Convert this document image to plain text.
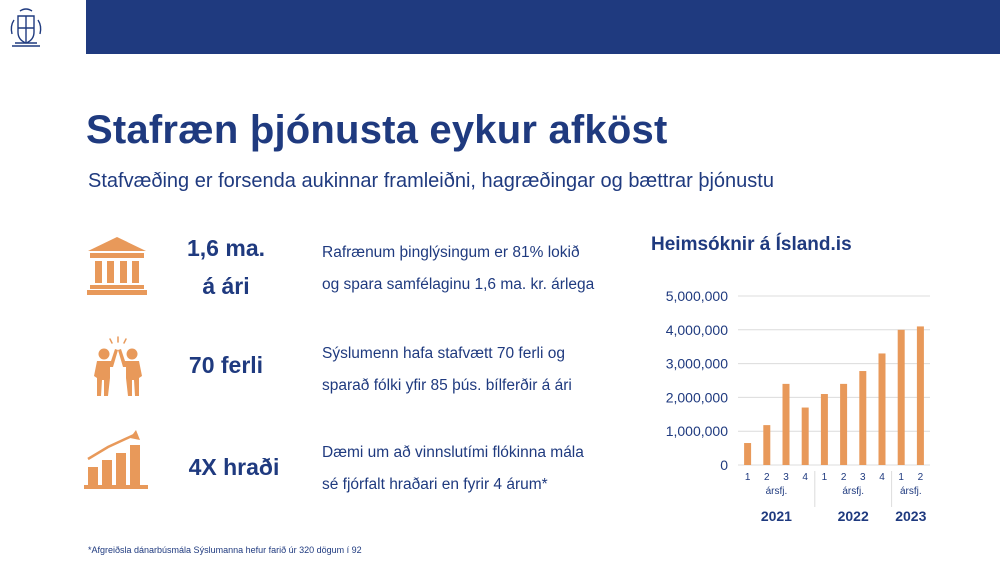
Stafræn þjónusta eykur afköst
Stafvæðing er forsenda aukinnar framleiðni, hagræðingar og bættrar þjónustu
1,6 ma.
á ári
Rafrænum þinglýsingum er 81% lokið
og spara samfélaginu 1,6 ma. kr. árlega
70 ferli	Sýslumenn hafa stafvætt 70 ferli og
sparað fólki yfir 85 þús. bílferðir á ári
4X hraði
Dæmi um að vinnslutími flókinna mála
sé fjórfalt hraðari en fyrir 4 árum*
Heimsóknir á Ísland.is
0
1,000,000
2,000,000
3,000,000
4,000,000
5,000,000
1 2 3 4 1 2 3 4 1 2
ársfj.
2021
ársfj.
2022
ársfj.
2023
*Afgreiðsla dánarbúsmála Sýslumanna hefur farið úr 320 dögum í 92
